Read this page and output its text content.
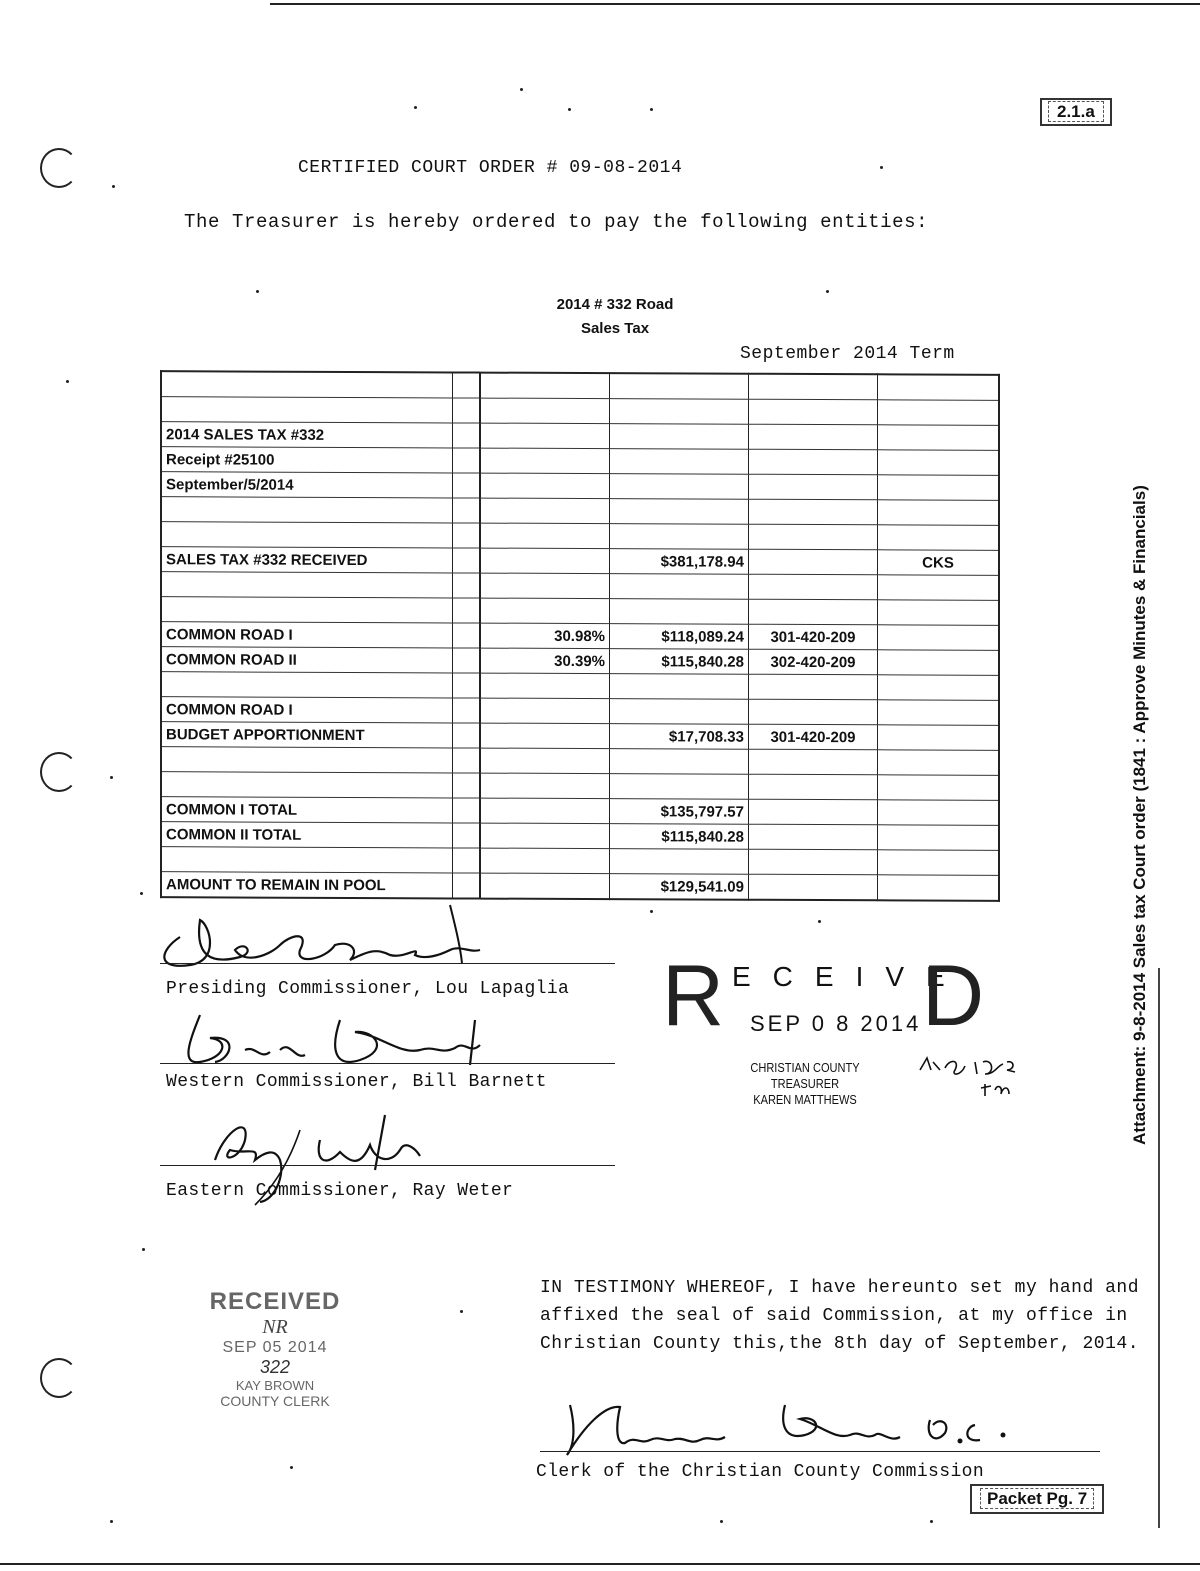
2.1.a
CERTIFIED COURT ORDER # 09-08-2014
The Treasurer is hereby ordered to pay the following entities:
2014 # 332 Road
Sales Tax
September 2014 Term

2014 SALES TAX #332					
Receipt #25100					
September/5/2014					

SALES TAX #332 RECEIVED			$381,178.94		CKS

COMMON ROAD I		30.98%	$118,089.24	301-420-209	
COMMON ROAD II		30.39%	$115,840.28	302-420-209	

COMMON ROAD I					
BUDGET APPORTIONMENT			$17,708.33	301-420-209	

COMMON I TOTAL			$135,797.57		
COMMON II TOTAL			$115,840.28		

AMOUNT TO REMAIN IN POOL			$129,541.09		
Presiding Commissioner, Lou Lapaglia
Western Commissioner, Bill Barnett
Eastern Commissioner, Ray Weter
ECEIVE
SEP 0 8 2014
R D
CHRISTIAN COUNTY TREASURER
KAREN MATTHEWS
RECEIVED
NR
SEP 05 2014
322
KAY BROWN
COUNTY CLERK
IN TESTIMONY WHEREOF, I have hereunto set my hand and affixed the seal of said Commission, at my office in Christian County this,the 8th day of September, 2014.
Clerk of the Christian County Commission
Attachment: 9-8-2014 Sales tax Court order (1841 : Approve Minutes & Financials)
Packet Pg. 7
